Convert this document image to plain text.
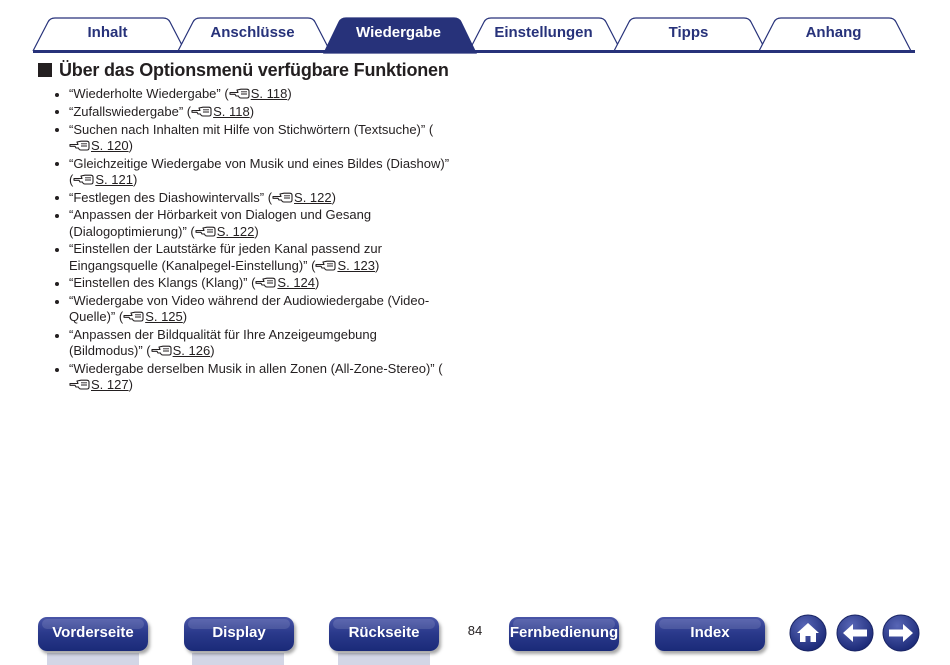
Inhalt	Anschlüsse	Wiedergabe	Einstellungen	Tipps	Anhang
Über das Optionsmenü verfügbare Funktionen
“Wiederholte Wiedergabe” ( S. 118)
“Zufallswiedergabe” ( S. 118)
“Suchen nach Inhalten mit Hilfe von Stichwörtern (Textsuche)” (S. 120)
“Gleichzeitige Wiedergabe von Musik und eines Bildes (Diashow)” ( S. 121)
“Festlegen des Diashowintervalls” ( S. 122)
“Anpassen der Hörbarkeit von Dialogen und Gesang (Dialogoptimierung)” ( S. 122)
“Einstellen der Lautstärke für jeden Kanal passend zur Eingangsquelle (Kanalpegel-Einstellung)” ( S. 123)
“Einstellen des Klangs (Klang)” ( S. 124)
“Wiedergabe von Video während der Audiowiedergabe (Video-Quelle)” ( S. 125)
“Anpassen der Bildqualität für Ihre Anzeigeumgebung (Bildmodus)” ( S. 126)
“Wiedergabe derselben Musik in allen Zonen (All-Zone-Stereo)” (S. 127)
Vorderseite	Display	Rückseite	84	Fernbedienung	Index
